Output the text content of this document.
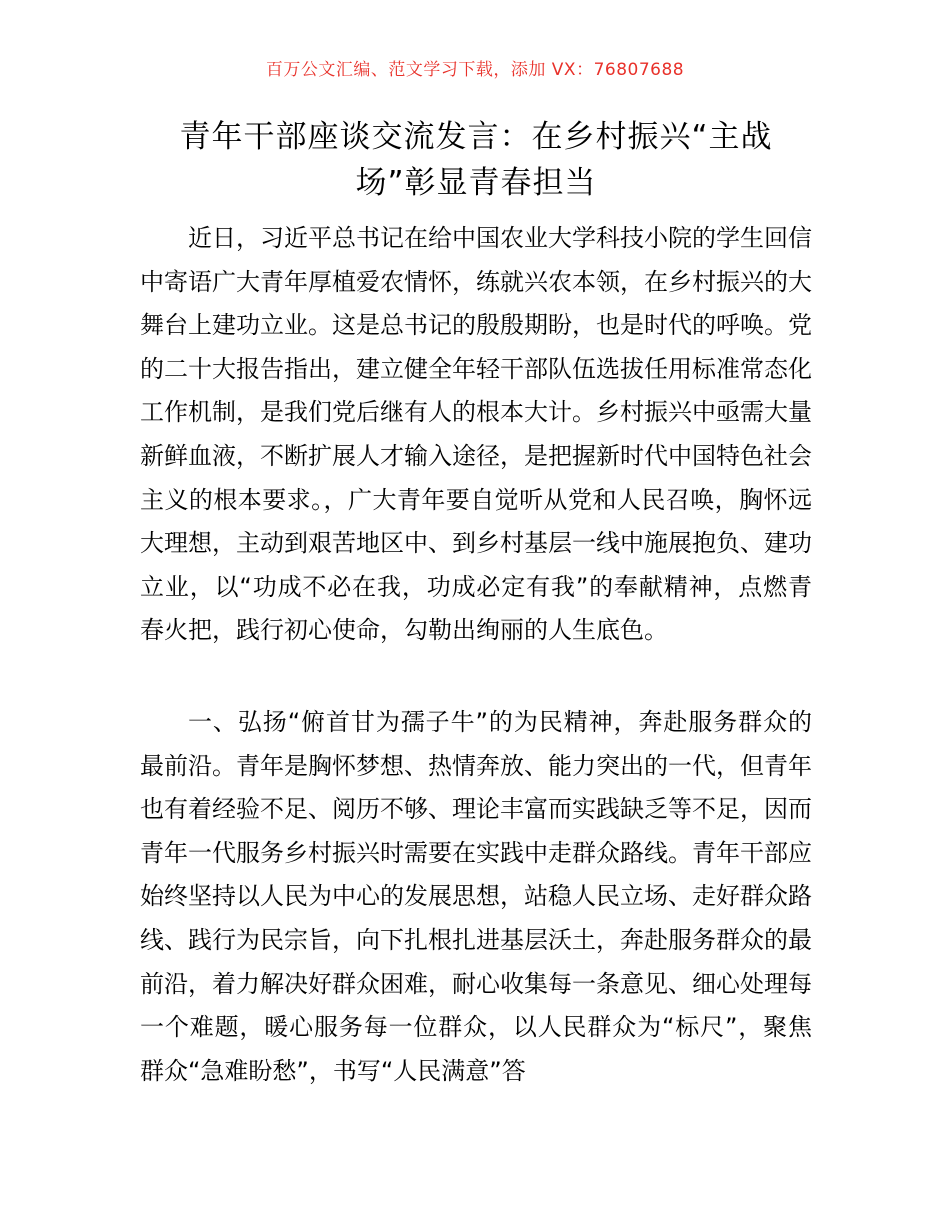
百万公文汇编、范文学习下载，添加 VX：76807688
青年干部座谈交流发言：在乡村振兴“主战场”彰显青春担当

近日，习近平总书记在给中国农业大学科技小院的学生回信中寄语广大青年厚植爱农情怀，练就兴农本领，在乡村振兴的大舞台上建功立业。这是总书记的殷殷期盼，也是时代的呼唤。党的二十大报告指出，建立健全年轻干部队伍选拔任用标准常态化工作机制，是我们党后继有人的根本大计。乡村振兴中亟需大量新鲜血液，不断扩展人才输入途径，是把握新时代中国特色社会主义的根本要求。，广大青年要自觉听从党和人民召唤，胸怀远大理想，主动到艰苦地区中、到乡村基层一线中施展抱负、建功立业，以“功成不必在我，功成必定有我”的奉献精神，点燃青春火把，践行初心使命，勾勒出绚丽的人生底色。

一、弘扬“俯首甘为孺子牛”的为民精神，奔赴服务群众的最前沿。青年是胸怀梦想、热情奔放、能力突出的一代，但青年也有着经验不足、阅历不够、理论丰富而实践缺乏等不足，因而青年一代服务乡村振兴时需要在实践中走群众路线。青年干部应始终坚持以人民为中心的发展思想，站稳人民立场、走好群众路线、践行为民宗旨，向下扎根扎进基层沃土，奔赴服务群众的最前沿，着力解决好群众困难，耐心收集每一条意见、细心处理每一个难题，暖心服务每一位群众，以人民群众为“标尺”，聚焦群众“急难盼愁”，书写“人民满意”答
